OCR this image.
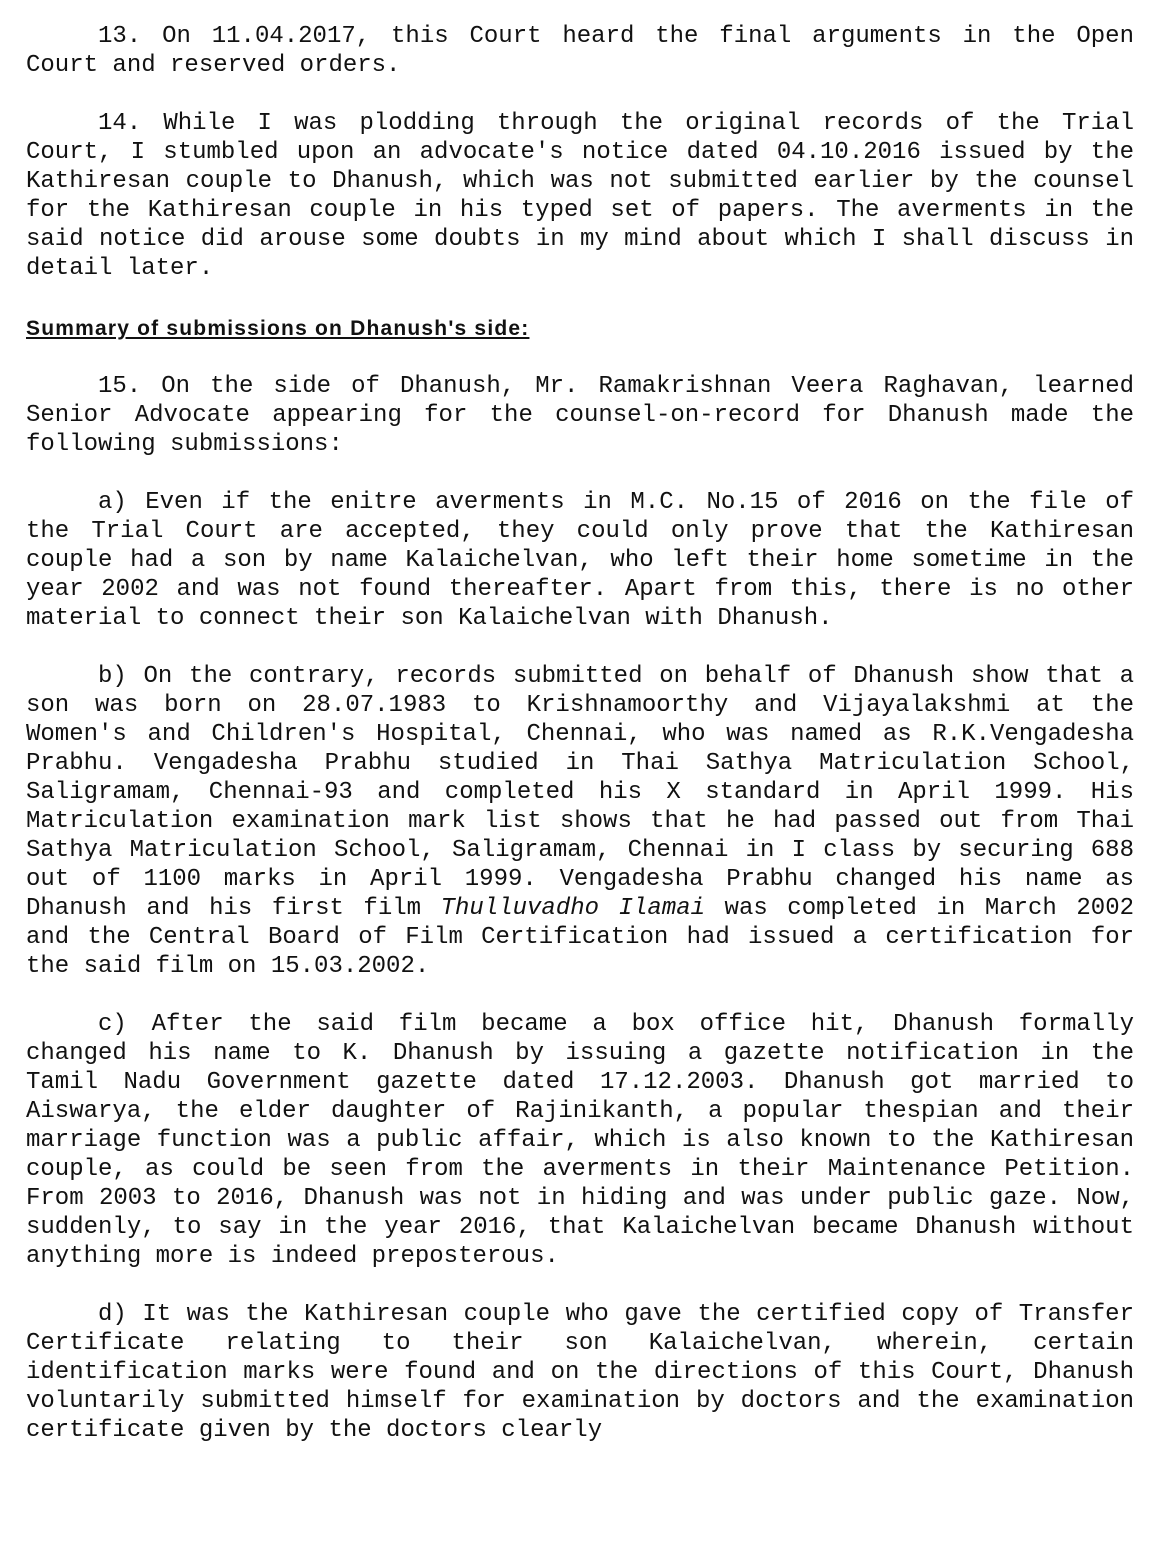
13. On 11.04.2017, this Court heard the final arguments in the Open Court and reserved orders.

14. While I was plodding through the original records of the Trial Court, I stumbled upon an advocate's notice dated 04.10.2016 issued by the Kathiresan couple to Dhanush, which was not submitted earlier by the counsel for the Kathiresan couple in his typed set of papers. The averments in the said notice did arouse some doubts in my mind about which I shall discuss in detail later.

Summary of submissions on Dhanush's side:

15. On the side of Dhanush, Mr. Ramakrishnan Veera Raghavan, learned Senior Advocate appearing for the counsel-on-record for Dhanush made the following submissions:

a) Even if the enitre averments in M.C. No.15 of 2016 on the file of the Trial Court are accepted, they could only prove that the Kathiresan couple had a son by name Kalaichelvan, who left their home sometime in the year 2002 and was not found thereafter. Apart from this, there is no other material to connect their son Kalaichelvan with Dhanush.

b) On the contrary, records submitted on behalf of Dhanush show that a son was born on 28.07.1983 to Krishnamoorthy and Vijayalakshmi at the Women's and Children's Hospital, Chennai, who was named as R.K.Vengadesha Prabhu. Vengadesha Prabhu studied in Thai Sathya Matriculation School, Saligramam, Chennai-93 and completed his X standard in April 1999. His Matriculation examination mark list shows that he had passed out from Thai Sathya Matriculation School, Saligramam, Chennai in I class by securing 688 out of 1100 marks in April 1999. Vengadesha Prabhu changed his name as Dhanush and his first film Thulluvadho Ilamai was completed in March 2002 and the Central Board of Film Certification had issued a certification for the said film on 15.03.2002.

c) After the said film became a box office hit, Dhanush formally changed his name to K. Dhanush by issuing a gazette notification in the Tamil Nadu Government gazette dated 17.12.2003. Dhanush got married to Aiswarya, the elder daughter of Rajinikanth, a popular thespian and their marriage function was a public affair, which is also known to the Kathiresan couple, as could be seen from the averments in their Maintenance Petition. From 2003 to 2016, Dhanush was not in hiding and was under public gaze. Now, suddenly, to say in the year 2016, that Kalaichelvan became Dhanush without anything more is indeed preposterous.

d) It was the Kathiresan couple who gave the certified copy of Transfer Certificate relating to their son Kalaichelvan, wherein, certain identification marks were found and on the directions of this Court, Dhanush voluntarily submitted himself for examination by doctors and the examination certificate given by the doctors clearly
